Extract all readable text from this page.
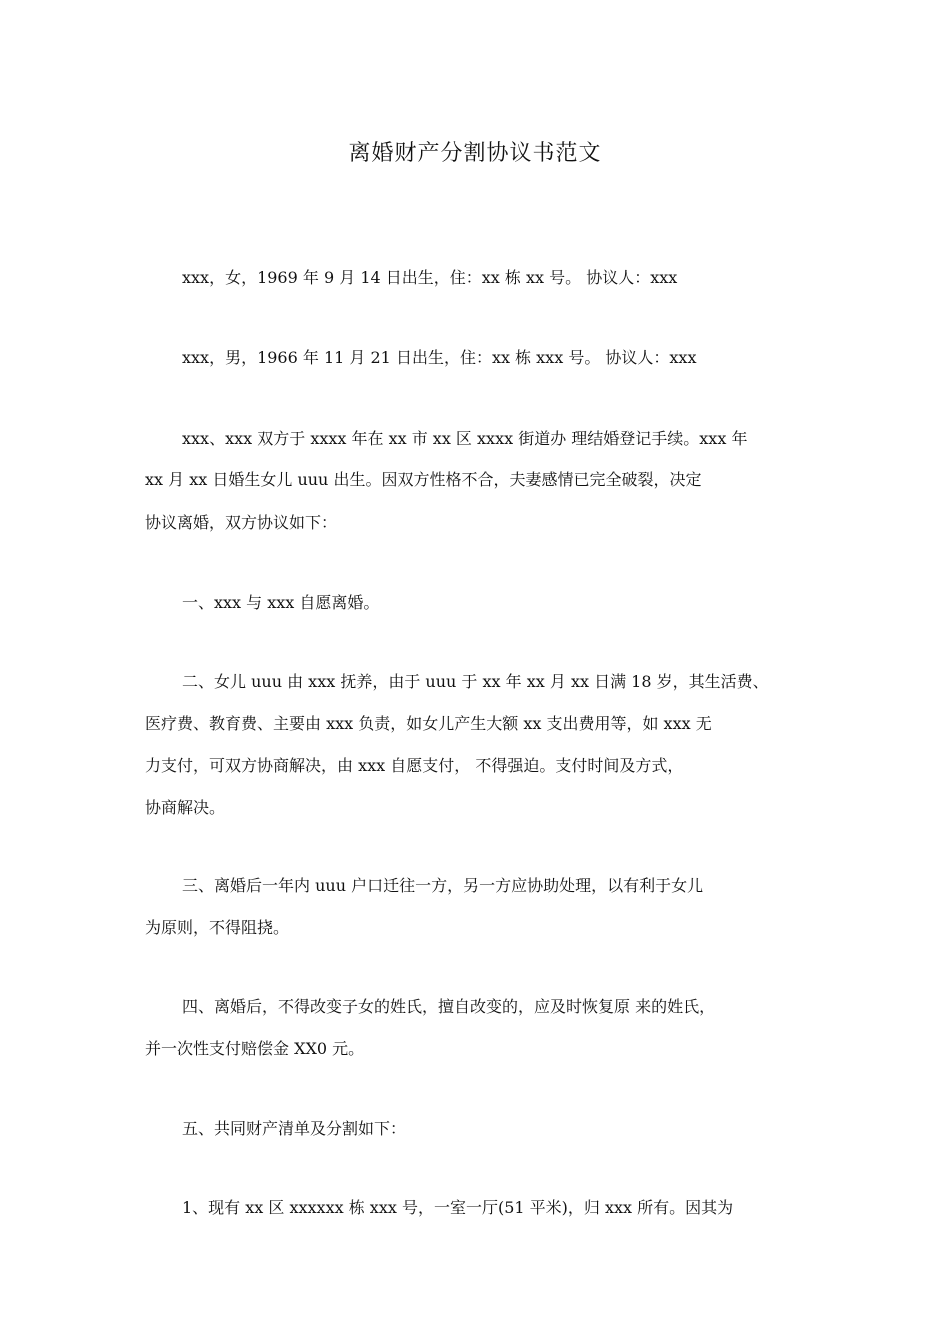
离婚财产分割协议书范文
xxx，女，1969 年 9 月 14 日出生，住：xx 栋 xx 号。 协议人：xxx
xxx，男，1966 年 11 月 21 日出生，住：xx 栋 xxx 号。 协议人：xxx
xxx、xxx 双方于 xxxx 年在 xx 市 xx 区 xxxx 街道办 理结婚登记手续。xxx 年
xx 月 xx 日婚生女儿 uuu 出生。因双方性格不合，夫妻感情已完全破裂，决定
协议离婚，双方协议如下：
一、xxx 与 xxx 自愿离婚。
二、女儿 uuu 由 xxx 抚养，由于 uuu 于 xx 年 xx 月 xx 日满 18 岁，其生活费、
医疗费、教育费、主要由 xxx 负责，如女儿产生大额 xx 支出费用等，如 xxx 无
力支付，可双方协商解决，由 xxx 自愿支付， 不得强迫。支付时间及方式，
协商解决。
三、离婚后一年内 uuu 户口迁往一方，另一方应协助处理，以有利于女儿
为原则，不得阻挠。
四、离婚后，不得改变子女的姓氏，擅自改变的，应及时恢复原 来的姓氏，
并一次性支付赔偿金 XX0 元。
五、共同财产清单及分割如下：
1、现有 xx 区 xxxxxx 栋 xxx 号，一室一厅(51 平米)，归 xxx 所有。因其为
